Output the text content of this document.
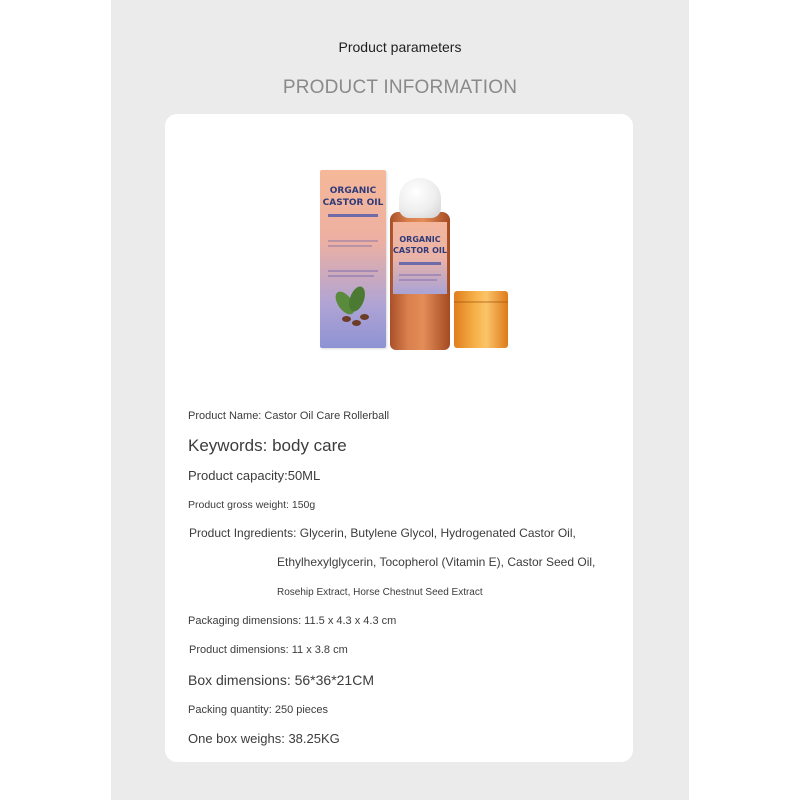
Product parameters
PRODUCT INFORMATION
ORGANIC
CASTOR OIL
ORGANIC
CASTOR OIL

Product Name: Castor Oil Care Rollerball

Keywords: body care

Product capacity:50ML

Product gross weight: 150g

Product Ingredients: Glycerin, Butylene Glycol, Hydrogenated Castor Oil,

Ethylhexylglycerin, Tocopherol (Vitamin E), Castor Seed Oil,

Rosehip Extract, Horse Chestnut Seed Extract

Packaging dimensions: 11.5 x 4.3 x 4.3 cm

Product dimensions: 11 x 3.8 cm

Box dimensions: 56*36*21CM

Packing quantity: 250 pieces

One box weighs: 38.25KG
